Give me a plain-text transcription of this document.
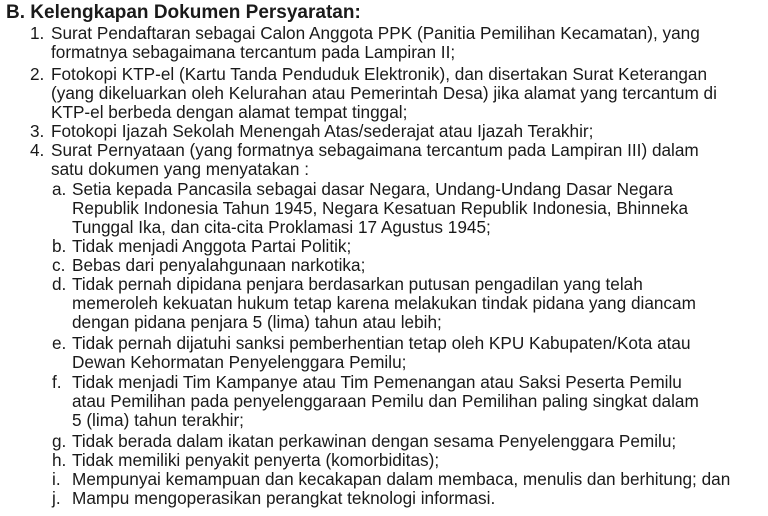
B. Kelengkapan Dokumen Persyaratan:
1. Surat Pendaftaran sebagai Calon Anggota PPK (Panitia Pemilihan Kecamatan), yang
formatnya sebagaimana tercantum pada Lampiran II;
2. Fotokopi KTP-el (Kartu Tanda Penduduk Elektronik), dan disertakan Surat Keterangan
(yang dikeluarkan oleh Kelurahan atau Pemerintah Desa) jika alamat yang tercantum di
KTP-el berbeda dengan alamat tempat tinggal;
3. Fotokopi Ijazah Sekolah Menengah Atas/sederajat atau Ijazah Terakhir;
4. Surat Pernyataan (yang formatnya sebagaimana tercantum pada Lampiran III) dalam
satu dokumen yang menyatakan :
a. Setia kepada Pancasila sebagai dasar Negara, Undang-Undang Dasar Negara
Republik Indonesia Tahun 1945, Negara Kesatuan Republik Indonesia, Bhinneka
Tunggal Ika, dan cita-cita Proklamasi 17 Agustus 1945;
b. Tidak menjadi Anggota Partai Politik;
c. Bebas dari penyalahgunaan narkotika;
d. Tidak pernah dipidana penjara berdasarkan putusan pengadilan yang telah
memeroleh kekuatan hukum tetap karena melakukan tindak pidana yang diancam
dengan pidana penjara 5 (lima) tahun atau lebih;
e. Tidak pernah dijatuhi sanksi pemberhentian tetap oleh KPU Kabupaten/Kota atau
Dewan Kehormatan Penyelenggara Pemilu;
f. Tidak menjadi Tim Kampanye atau Tim Pemenangan atau Saksi Peserta Pemilu
atau Pemilihan pada penyelenggaraan Pemilu dan Pemilihan paling singkat dalam
5 (lima) tahun terakhir;
g. Tidak berada dalam ikatan perkawinan dengan sesama Penyelenggara Pemilu;
h. Tidak memiliki penyakit penyerta (komorbiditas);
i. Mempunyai kemampuan dan kecakapan dalam membaca, menulis dan berhitung; dan
j. Mampu mengoperasikan perangkat teknologi informasi.
